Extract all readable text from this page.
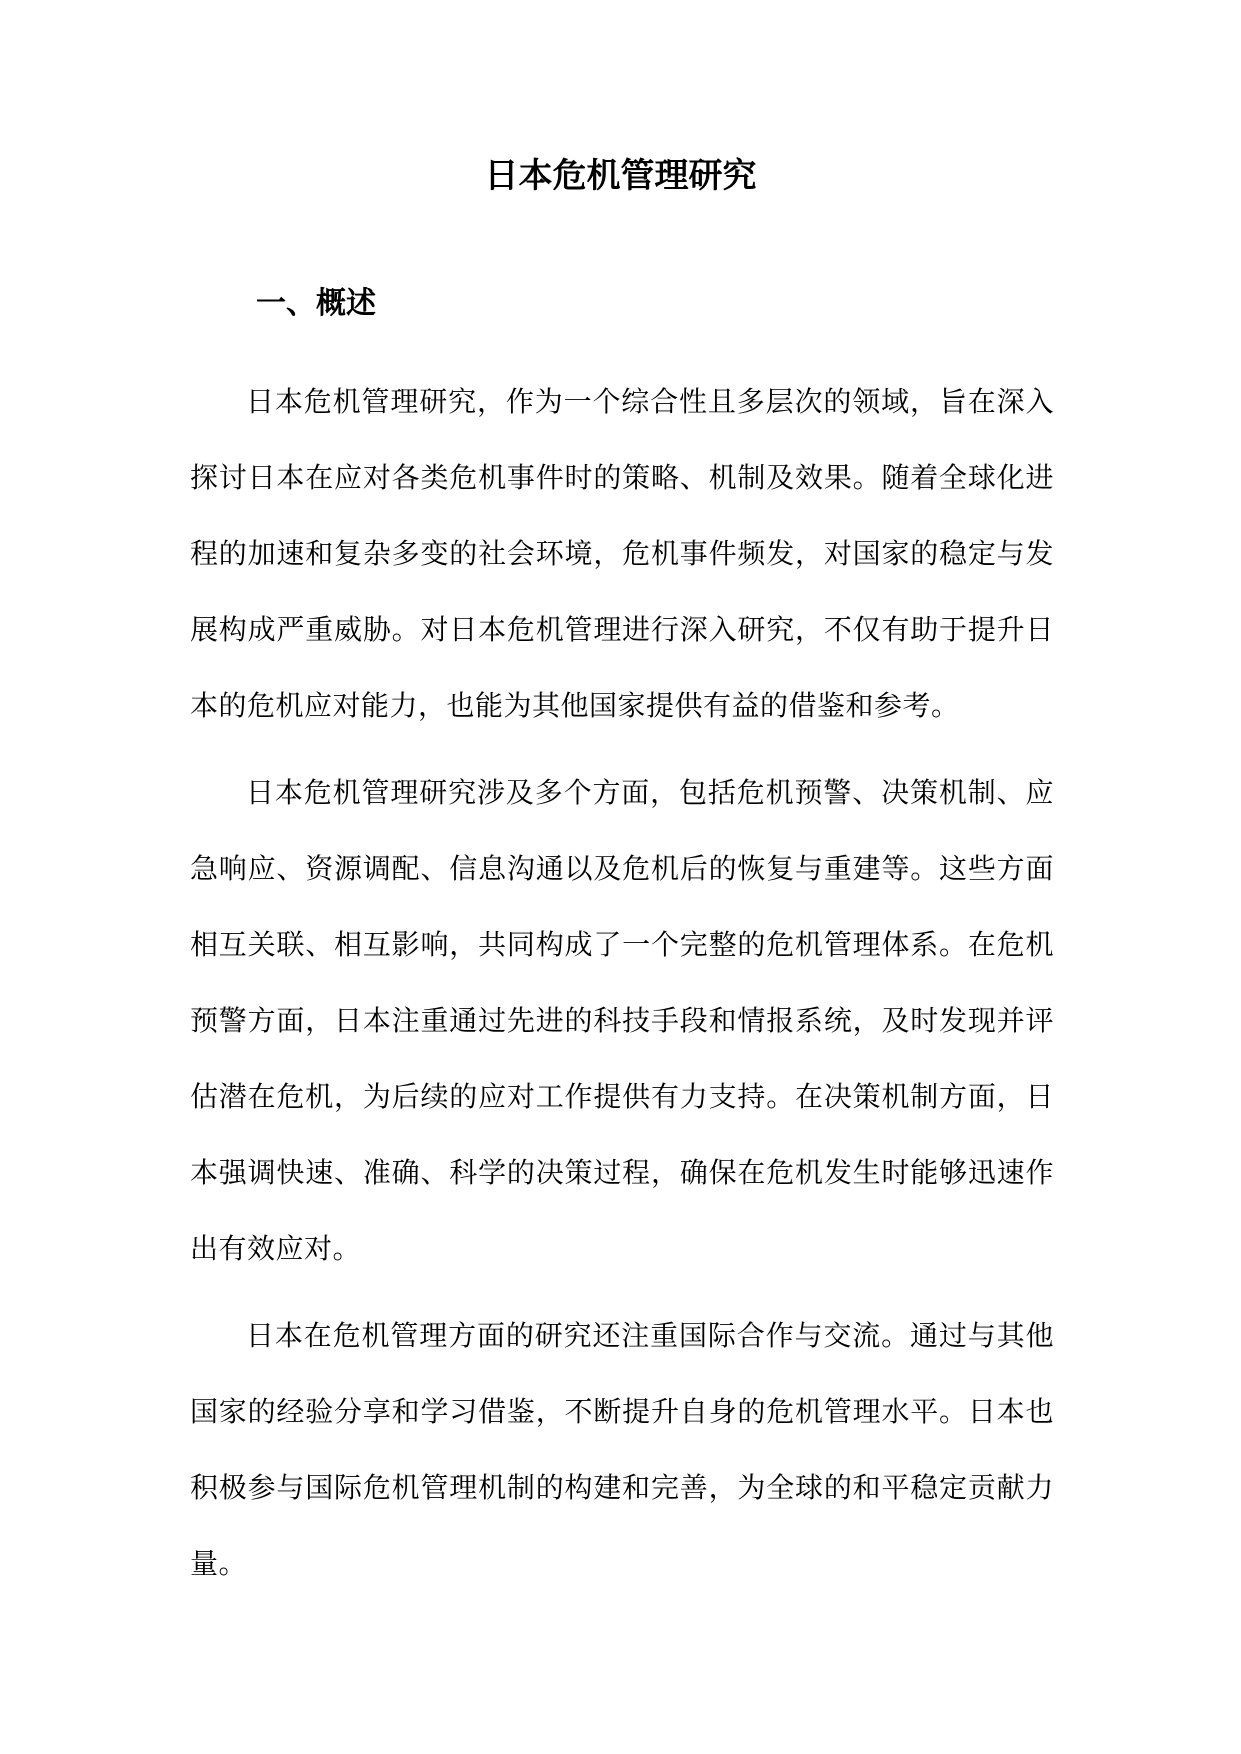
日本危机管理研究
一、概述

日本危机管理研究，作为一个综合性且多层次的领域，旨在深入探讨日本在应对各类危机事件时的策略、机制及效果。随着全球化进程的加速和复杂多变的社会环境，危机事件频发，对国家的稳定与发展构成严重威胁。对日本危机管理进行深入研究，不仅有助于提升日本的危机应对能力，也能为其他国家提供有益的借鉴和参考。

日本危机管理研究涉及多个方面，包括危机预警、决策机制、应急响应、资源调配、信息沟通以及危机后的恢复与重建等。这些方面相互关联、相互影响，共同构成了一个完整的危机管理体系。在危机预警方面，日本注重通过先进的科技手段和情报系统，及时发现并评估潜在危机，为后续的应对工作提供有力支持。在决策机制方面，日本强调快速、准确、科学的决策过程，确保在危机发生时能够迅速作出有效应对。

日本在危机管理方面的研究还注重国际合作与交流。通过与其他国家的经验分享和学习借鉴，不断提升自身的危机管理水平。日本也积极参与国际危机管理机制的构建和完善，为全球的和平稳定贡献力量。
